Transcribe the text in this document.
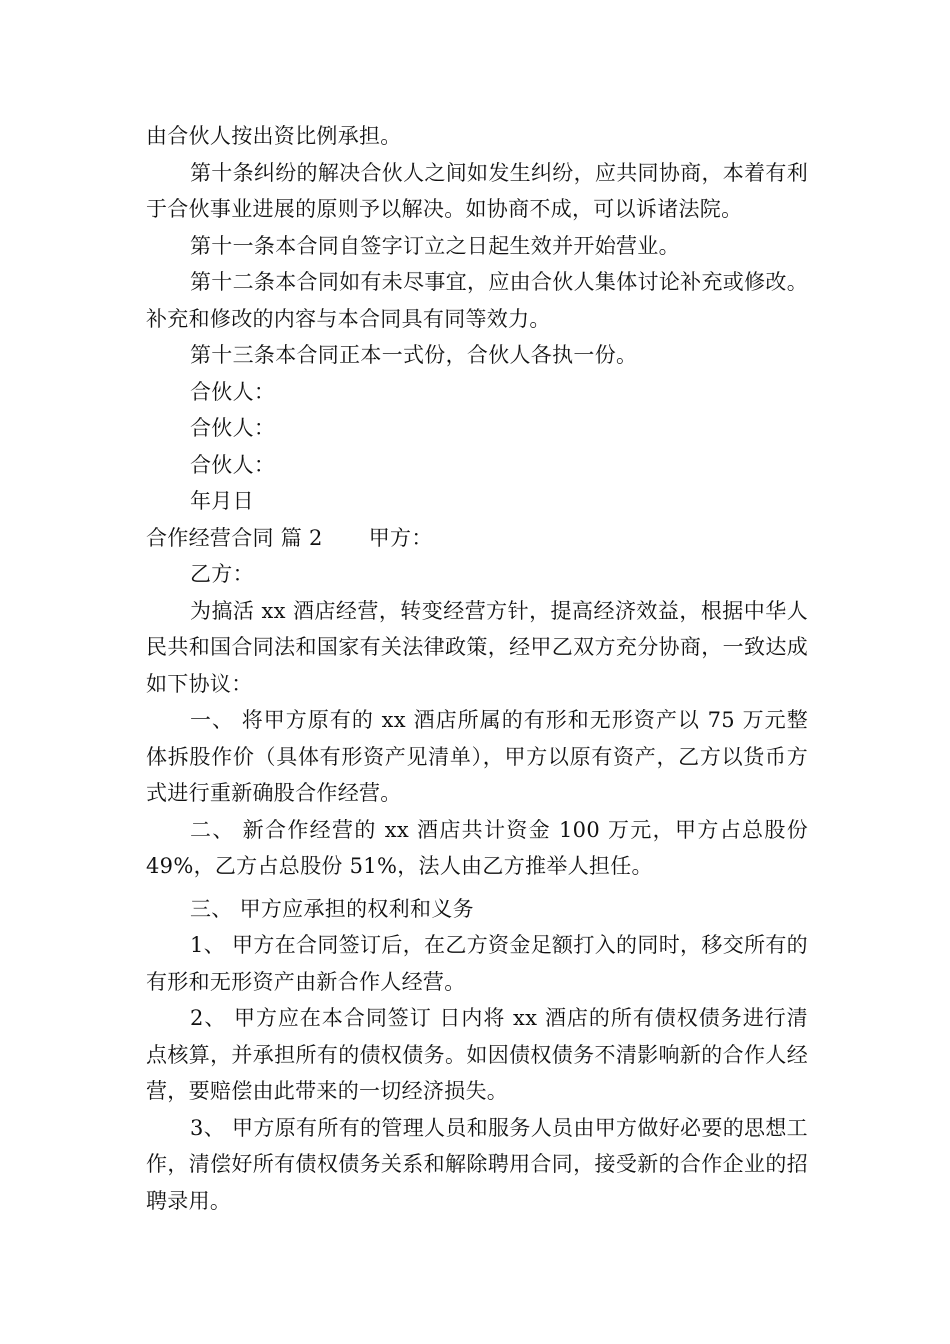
由合伙人按出资比例承担。

第十条纠纷的解决合伙人之间如发生纠纷，应共同协商，本着有利于合伙事业进展的原则予以解决。如协商不成，可以诉诸法院。

第十一条本合同自签字订立之日起生效并开始营业。

第十二条本合同如有未尽事宜，应由合伙人集体讨论补充或修改。补充和修改的内容与本合同具有同等效力。

第十三条本合同正本一式份，合伙人各执一份。

合伙人：

合伙人：

合伙人：

年月日

合作经营合同 篇 2 甲方：

乙方：

为搞活 xx 酒店经营，转变经营方针，提高经济效益，根据中华人民共和国合同法和国家有关法律政策，经甲乙双方充分协商，一致达成如下协议：

一、 将甲方原有的 xx 酒店所属的有形和无形资产以 75 万元整体拆股作价（具体有形资产见清单），甲方以原有资产，乙方以货币方式进行重新确股合作经营。

二、 新合作经营的 xx 酒店共计资金 100 万元，甲方占总股份 49%，乙方占总股份 51%，法人由乙方推举人担任。

三、 甲方应承担的权利和义务

1、 甲方在合同签订后，在乙方资金足额打入的同时，移交所有的有形和无形资产由新合作人经营。

2、 甲方应在本合同签订 日内将 xx 酒店的所有债权债务进行清点核算，并承担所有的债权债务。如因债权债务不清影响新的合作人经营，要赔偿由此带来的一切经济损失。

3、 甲方原有所有的管理人员和服务人员由甲方做好必要的思想工作，清偿好所有债权债务关系和解除聘用合同，接受新的合作企业的招聘录用。
